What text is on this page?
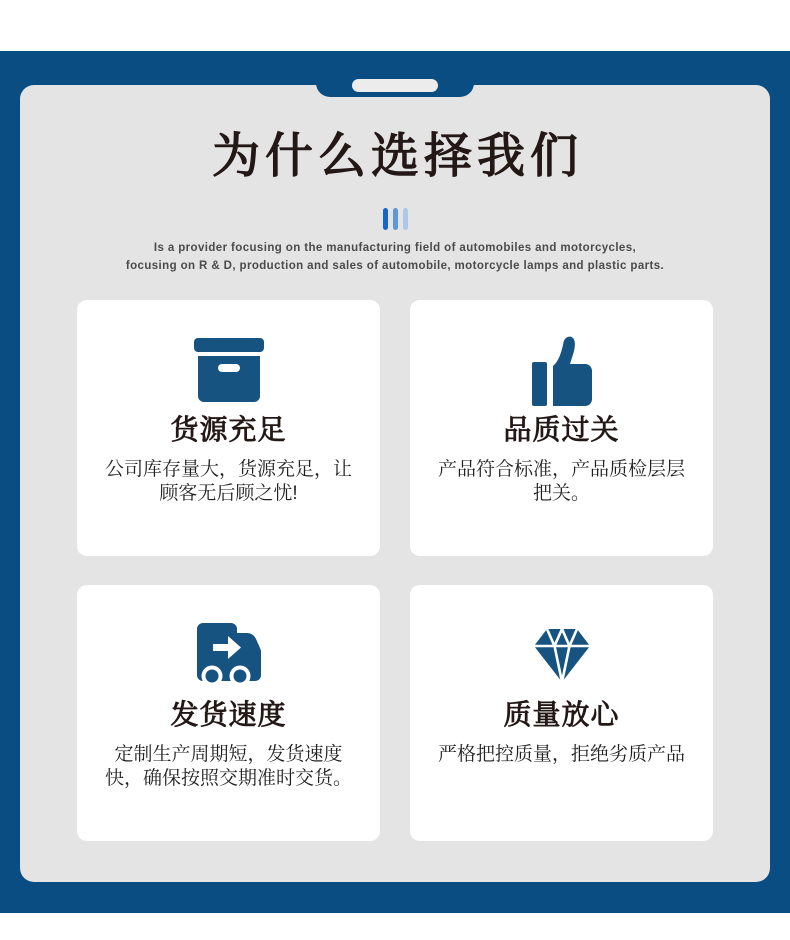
为什么选择我们
Is a provider focusing on the manufacturing field of automobiles and motorcycles,
focusing on R & D, production and sales of automobile, motorcycle lamps and plastic parts.
货源充足
公司库存量大，货源充足，让
顾客无后顾之忧!
品质过关
产品符合标准，产品质检层层
把关。
发货速度
定制生产周期短，发货速度
快，确保按照交期准时交货。
质量放心
严格把控质量，拒绝劣质产品
